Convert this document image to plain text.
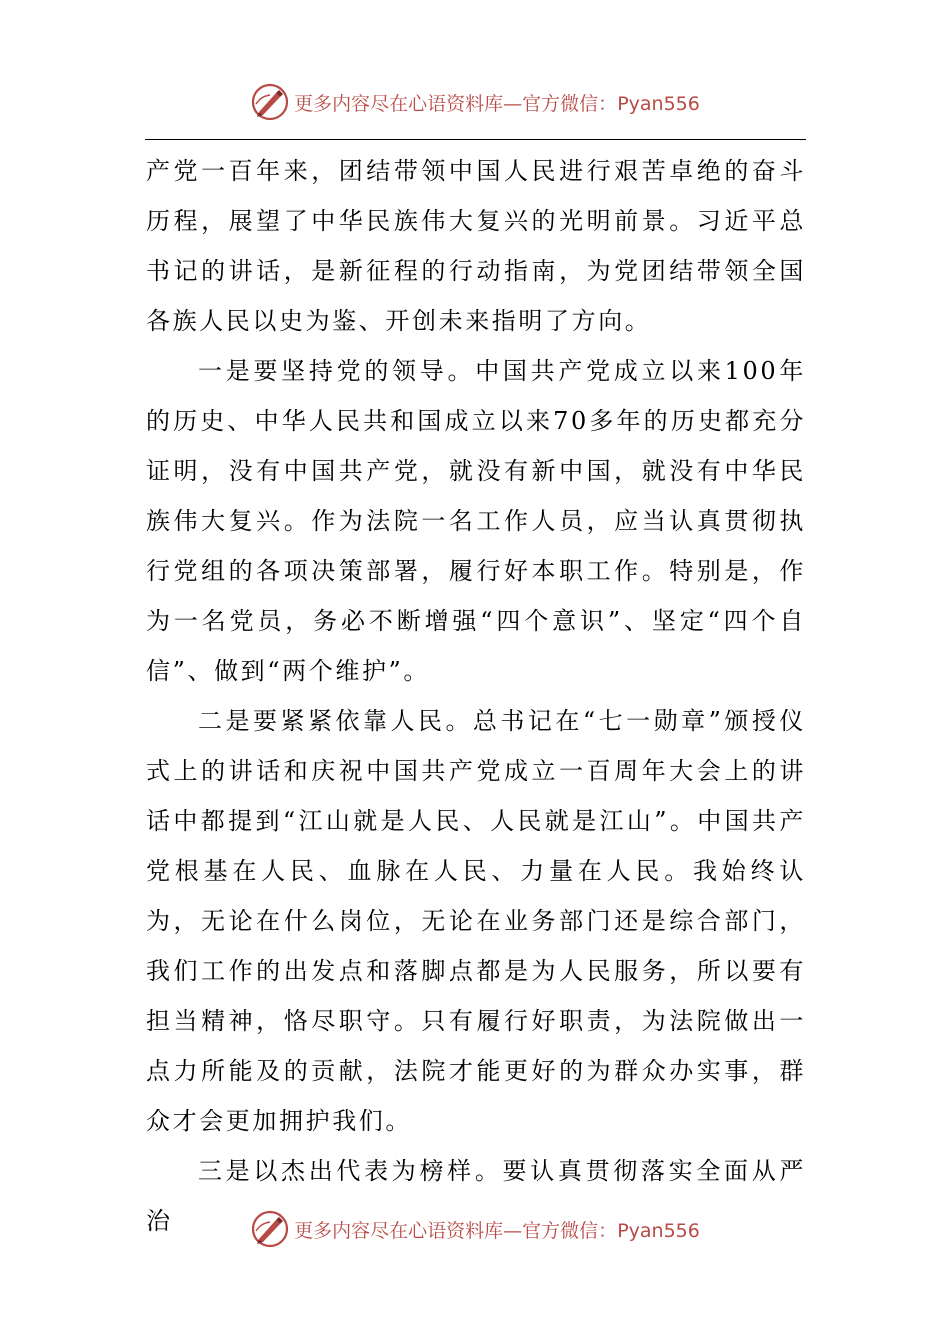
更多内容尽在心语资料库—官方微信：Pyan556

产党一百年来，团结带领中国人民进行艰苦卓绝的奋斗历程，展望了中华民族伟大复兴的光明前景。习近平总书记的讲话，是新征程的行动指南，为党团结带领全国各族人民以史为鉴、开创未来指明了方向。

一是要坚持党的领导。中国共产党成立以来100年的历史、中华人民共和国成立以来70多年的历史都充分证明，没有中国共产党，就没有新中国，就没有中华民族伟大复兴。作为法院一名工作人员，应当认真贯彻执行党组的各项决策部署，履行好本职工作。特别是，作为一名党员，务必不断增强“四个意识”、坚定“四个自信”、做到“两个维护”。

二是要紧紧依靠人民。总书记在“七一勋章”颁授仪式上的讲话和庆祝中国共产党成立一百周年大会上的讲话中都提到“江山就是人民、人民就是江山”。中国共产党根基在人民、血脉在人民、力量在人民。我始终认为，无论在什么岗位，无论在业务部门还是综合部门，我们工作的出发点和落脚点都是为人民服务，所以要有担当精神，恪尽职守。只有履行好职责，为法院做出一点力所能及的贡献，法院才能更好的为群众办实事，群众才会更加拥护我们。

三是以杰出代表为榜样。要认真贯彻落实全面从严治	更多内容尽在心语资料库—官方微信：Pyan556
